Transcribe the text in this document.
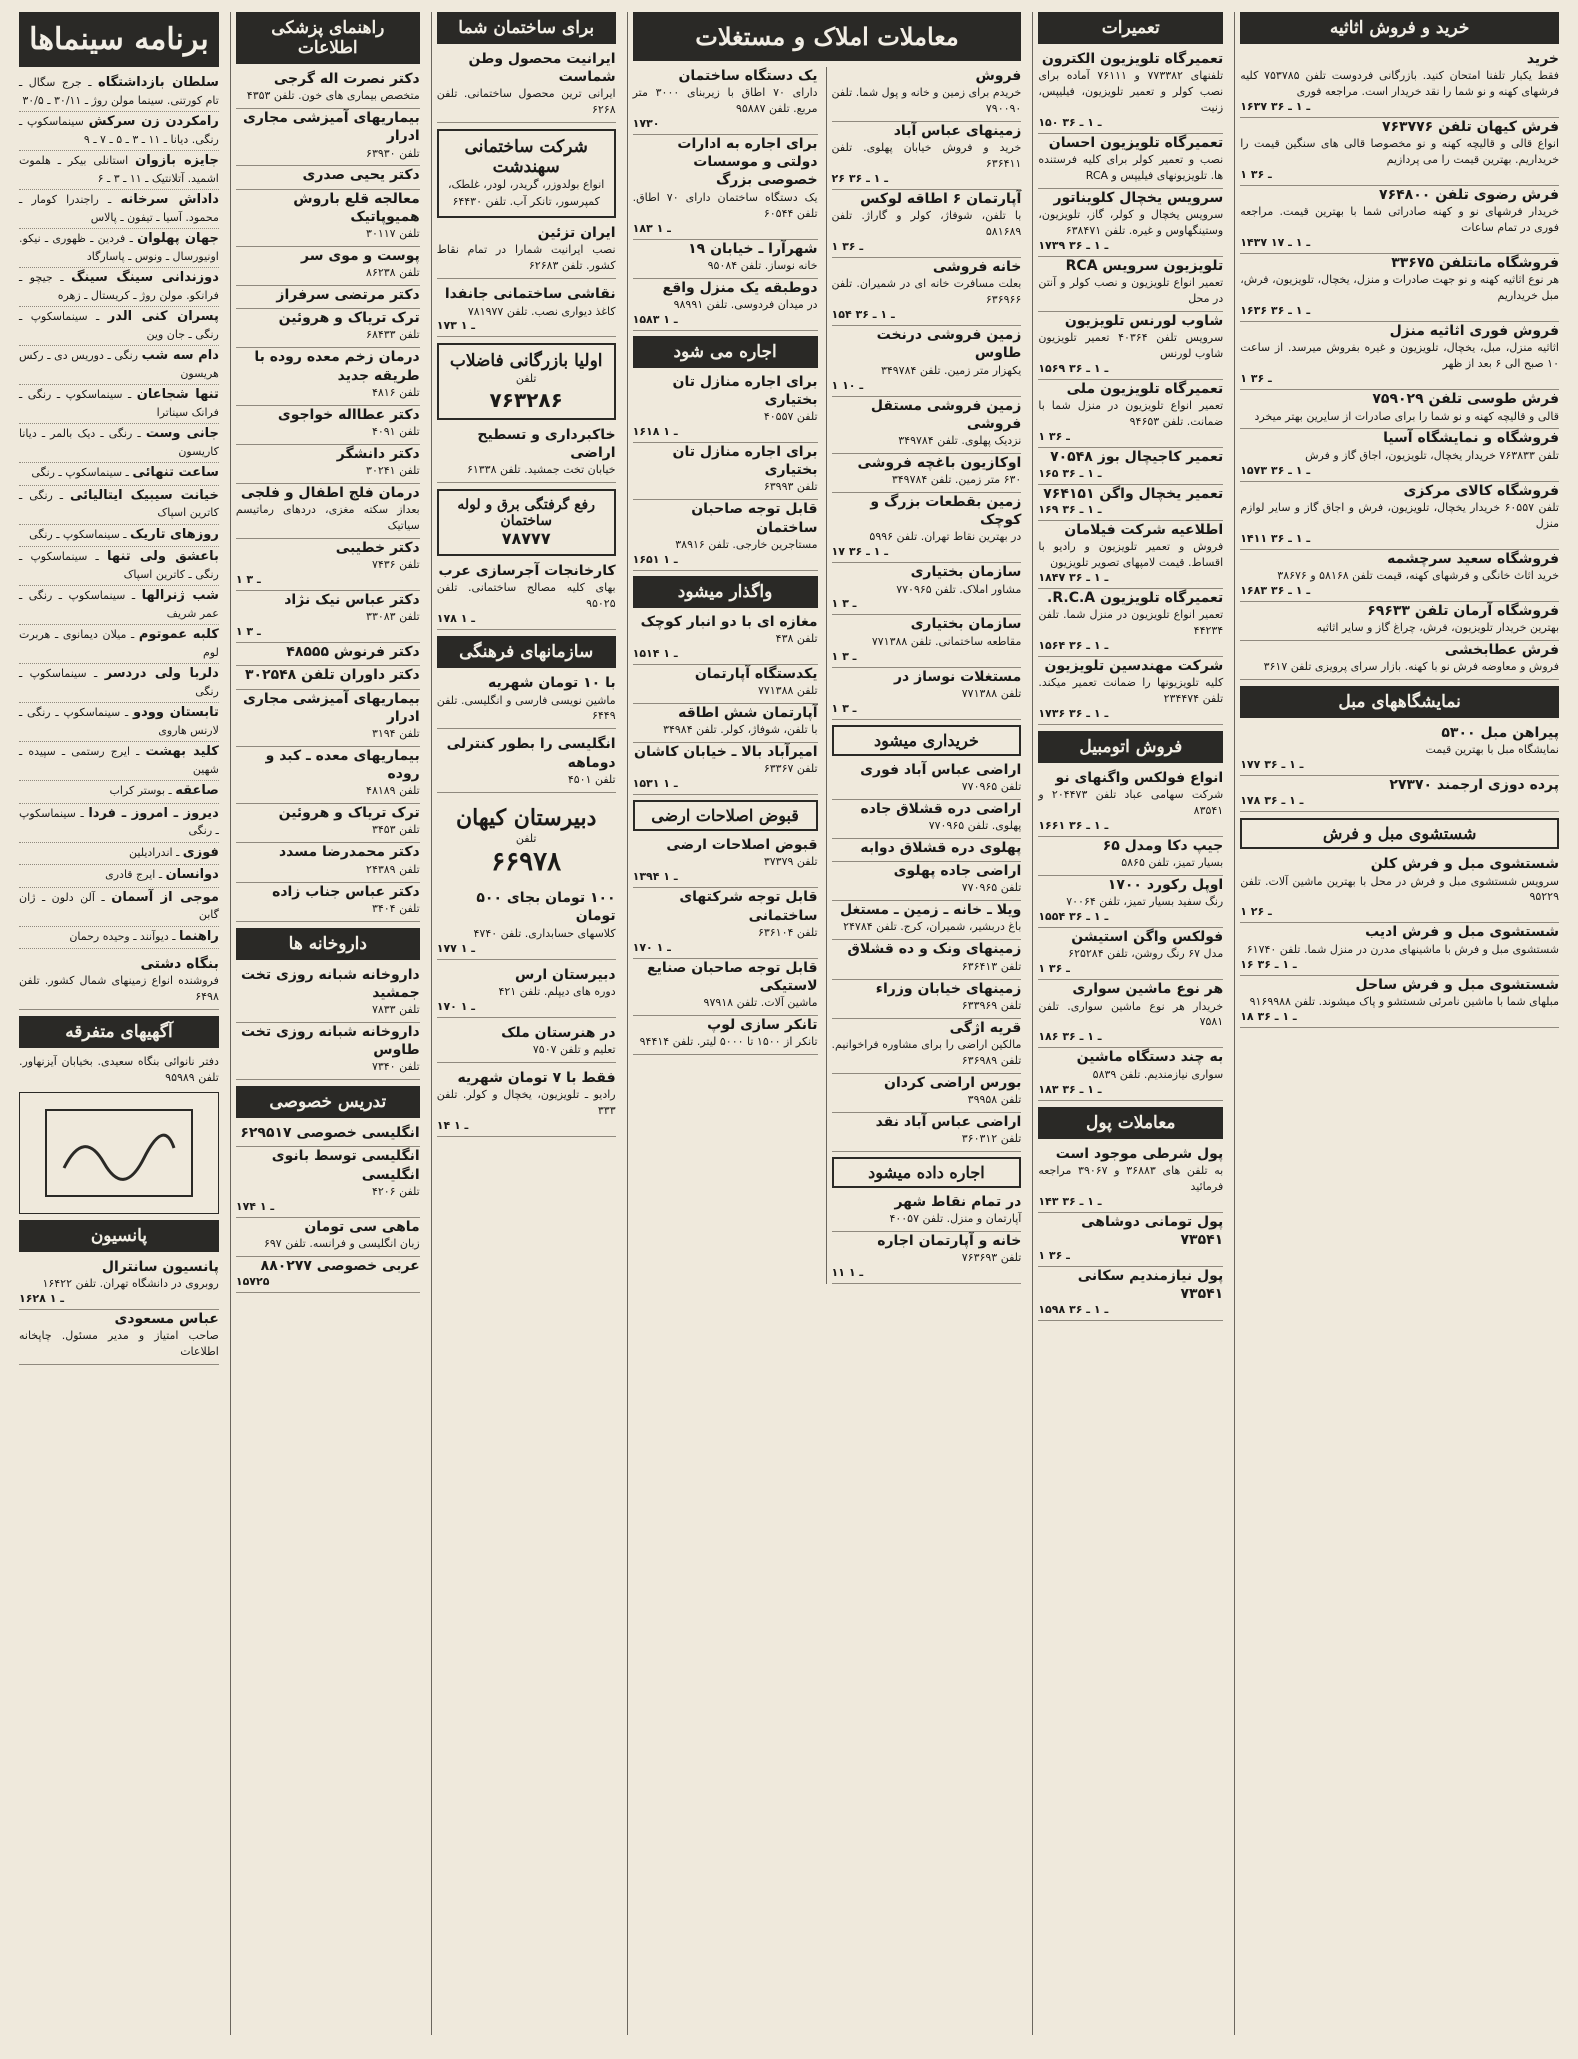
خرید و فروش اثاثیه
خرید
فقط یکبار تلفنا امتحان کنید. بازرگانی فردوست تلفن ۷۵۳۷۸۵ کلیه فرشهای کهنه و نو شما را نقد خریدار است. مراجعه فوری
۱۶۳۷ ـ ۱ ـ ۳۶
فرش کیهان تلفن ۷۶۳۷۷۶
انواع قالی و قالیچه کهنه و نو مخصوصا قالی های سنگین قیمت را خریداریم. بهترین قیمت را می پردازیم
۱ ـ ۳۶
فرش رضوی تلفن ۷۶۴۸۰۰
خریدار فرشهای نو و کهنه صادراتی شما با بهترین قیمت. مراجعه فوری در تمام ساعات
۱۴۳۷ ـ ۱ ـ ۱۷
فروشگاه مانتلفن ۳۳۶۷۵
هر نوع اثاثیه کهنه و نو جهت صادرات و منزل، یخچال، تلویزیون، فرش، مبل خریداریم
۱۶۳۶ ـ ۱ ـ ۳۶
فروش فوری اثاثیه منزل
اثاثیه منزل، مبل، یخچال، تلویزیون و غیره بفروش میرسد. از ساعت ۱۰ صبح الی ۶ بعد از ظهر
۱ ـ ۳۶
فرش طوسی تلفن ۷۵۹۰۲۹
قالی و قالیچه کهنه و نو شما را برای صادرات از سایرین بهتر میخرد
فروشگاه و نمایشگاه آسیا
تلفن ۷۶۳۸۳۳ خریدار یخچال، تلویزیون، اجاق گاز و فرش
۱۵۷۳ ـ ۱ ـ ۳۶
فروشگاه کالای مرکزی
تلفن ۶۰۵۵۷ خریدار یخچال، تلویزیون، فرش و اجاق گاز و سایر لوازم منزل
۱۴۱۱ ـ ۱ ـ ۳۶
فروشگاه سعید سرچشمه
خرید اثاث خانگی و فرشهای کهنه، قیمت تلفن ۵۸۱۶۸ و ۳۸۶۷۶
۱۶۸۳ ـ ۱ ـ ۳۶
فروشگاه آرمان تلفن ۶۹۶۳۳
بهترین خریدار تلویزیون، فرش، چراغ گاز و سایر اثاثیه
فرش عطابخشی
فروش و معاوضه فرش نو با کهنه. بازار سرای پرویزی تلفن ۳۶۱۷
نمایشگاههای مبل
پیراهن مبل ۵۳۰۰
نمایشگاه مبل با بهترین قیمت
۱۷۷ ـ ۱ ـ ۳۶
پرده دوزی ارجمند ۲۷۳۷۰
۱۷۸ ـ ۱ ـ ۳۶
شستشوی مبل و فرش
شستشوی مبل و فرش کلن
سرویس شستشوی مبل و فرش در محل با بهترین ماشین آلات. تلفن ۹۵۲۲۹
۱ ـ ۲۶
شستشوی مبل و فرش ادیب
شستشوی مبل و فرش با ماشینهای مدرن در منزل شما. تلفن ۶۱۷۴۰
۱۶ ـ ۱ ـ ۳۶
شستشوی مبل و فرش ساحل
مبلهای شما با ماشین نامرئی شستشو و پاک میشوند. تلفن ۹۱۶۹۹۸۸
۱۸ ـ ۱ ـ ۳۶
تعمیرات
تعمیرگاه تلویزیون الکترون
تلفنهای ۷۷۳۳۸۲ و ۷۶۱۱۱ آماده برای نصب کولر و تعمیر تلویزیون، فیلیپس، زنیت
۱۵۰ ـ ۱ ـ ۳۶
تعمیرگاه تلویزیون احسان
نصب و تعمیر کولر برای کلیه فرستنده ها. تلویزیونهای فیلیپس و RCA
سرویس یخچال کلویناتور
سرویس یخچال و کولر، گاز، تلویزیون، وستینگهاوس و غیره. تلفن ۶۳۸۴۷۱
۱۷۳۹ ـ ۱ ـ ۳۶
تلویزیون سرویس RCA
تعمیر انواع تلویزیون و نصب کولر و آنتن در محل
شاوب لورنس تلویزیون
سرویس تلفن ۴۰۳۶۴ تعمیر تلویزیون شاوب لورنس
۱۵۶۹ ـ ۱ ـ ۳۶
تعمیرگاه تلویزیون ملی
تعمیر انواع تلویزیون در منزل شما با ضمانت. تلفن ۹۴۶۵۳
۱ ـ ۳۶
تعمیر کاجیچال بوز ۷۰۵۴۸
۱۶۵ ـ ۱ ـ ۳۶
تعمیر یخچال واگن ۷۶۴۱۵۱
۱۶۹ ـ ۱ ـ ۳۶
اطلاعیه شرکت فیلامان
فروش و تعمیر تلویزیون و رادیو با اقساط. قیمت لامپهای تصویر تلویزیون
۱۸۴۷ ـ ۱ ـ ۳۶
تعمیرگاه تلویزیون R.C.A.
تعمیر انواع تلویزیون در منزل شما. تلفن ۴۴۲۳۴
۱۵۶۴ ـ ۱ ـ ۳۶
شرکت مهندسین تلویزیون
کلیه تلویزیونها را ضمانت تعمیر میکند. تلفن ۲۳۴۴۷۴
۱۷۳۶ ـ ۱ ـ ۳۶
فروش اتومبیل
انواع فولکس واگنهای نو
شرکت سهامی عباد تلفن ۲۰۴۴۷۳ و ۸۳۵۴۱
۱۶۶۱ ـ ۱ ـ ۳۶
جیپ دکا ومدل ۶۵
بسیار تمیز، تلفن ۵۸۶۵
اوپل رکورد ۱۷۰۰
رنگ سفید بسیار تمیز، تلفن ۷۰۰۶۴
۱۵۵۴ ـ ۱ ـ ۳۶
فولکس واگن استیشن
مدل ۶۷ رنگ روشن، تلفن ۶۲۵۲۸۴
۱ ـ ۳۶
هر نوع ماشین سواری
خریدار هر نوع ماشین سواری. تلفن ۷۵۸۱
۱۸۶ ـ ۱ ـ ۳۶
به چند دستگاه ماشین
سواری نیازمندیم. تلفن ۵۸۳۹
۱۸۳ ـ ۱ ـ ۳۶
معاملات پول
پول شرطی موجود است
به تلفن های ۳۶۸۸۳ و ۳۹۰۶۷ مراجعه فرمائید
۱۴۳ ـ ۱ ـ ۳۶
پول تومانی دوشاهی ۷۳۵۴۱
۱ ـ ۳۶
پول نیازمندیم سکانی ۷۳۵۴۱
۱۵۹۸ ـ ۱ ـ ۳۶
معاملات املاک و مستغلات
فروش
خریدم برای زمین و خانه و پول شما. تلفن ۷۹۰۰۹۰
زمینهای عباس آباد
خرید و فروش خیابان پهلوی. تلفن ۶۳۶۴۱۱
۲۶ ـ ۱ ـ ۳۶
آپارتمان ۶ اطاقه لوکس
با تلفن، شوفاژ، کولر و گاراژ. تلفن ۵۸۱۶۸۹
۱ ـ ۳۶
خانه فروشی
بعلت مسافرت خانه ای در شمیران. تلفن ۶۳۶۹۶۶
۱۵۴ ـ ۱ ـ ۳۶
زمین فروشی درنخت طاوس
یکهزار متر زمین. تلفن ۳۴۹۷۸۴
۱ ـ ۱۰
زمین فروشی مستقل فروشی
نزدیک پهلوی. تلفن ۳۴۹۷۸۴
اوکازیون باغچه فروشی
۶۳۰ متر زمین. تلفن ۳۴۹۷۸۴
زمین بقطعات بزرگ و کوچک
در بهترین نقاط تهران. تلفن ۵۹۹۶
۱۷ ـ ۱ ـ ۳۶
سازمان بختیاری
مشاور املاک. تلفن ۷۷۰۹۶۵
۱ ـ ۳
سازمان بختیاری
مقاطعه ساختمانی. تلفن ۷۷۱۳۸۸
۱ ـ ۳
مستغلات نوساز در
تلفن ۷۷۱۳۸۸
۱ ـ ۳
خریداری میشود
اراضی عباس آباد فوری
تلفن ۷۷۰۹۶۵
اراضی دره قشلاق جاده
پهلوی. تلفن ۷۷۰۹۶۵
پهلوی دره قشلاق دوابه
اراضی جاده پهلوی
تلفن ۷۷۰۹۶۵
ویلا ـ خانه ـ زمین ـ مستغل
باغ دربشیر، شمیران، کرج. تلفن ۲۴۷۸۴
زمینهای ونک و ده قشلاق
تلفن ۶۳۶۴۱۳
زمینهای خیابان وزراء
تلفن ۶۳۳۹۶۹
قریه اژگی
مالکین اراضی را برای مشاوره فراخوانیم. تلفن ۶۳۶۹۸۹
بورس اراضی کردان
تلفن ۳۹۹۵۸
اراضی عباس آباد نقد
تلفن ۳۶۰۳۱۲
اجاره داده میشود
در تمام نقاط شهر
آپارتمان و منزل. تلفن ۴۰۰۵۷
خانه و آپارتمان اجاره
تلفن ۷۶۳۶۹۳
۱۱ ـ ۱
یک دستگاه ساختمان
دارای ۷۰ اطاق با زیربنای ۳۰۰۰ متر مربع. تلفن ۹۵۸۸۷
۱۷۳۰
برای اجاره به ادارات دولتی و موسسات خصوصی بزرگ
یک دستگاه ساختمان دارای ۷۰ اطاق. تلفن ۶۰۵۴۴
۱۸۳ ـ ۱
شهرآرا ـ خیابان ۱۹
خانه نوساز. تلفن ۹۵۰۸۴
دوطبقه یک منزل واقع
در میدان فردوسی. تلفن ۹۸۹۹۱
۱۵۸۳ ـ ۱
اجاره می شود
برای اجاره منازل تان بختیاری
تلفن ۴۰۵۵۷
۱۶۱۸ ـ ۱
برای اجاره منازل تان بختیاری
تلفن ۶۳۹۹۳
قابل توجه صاحبان ساختمان
مستاجرین خارجی. تلفن ۳۸۹۱۶
۱۶۵۱ ـ ۱
واگذار میشود
مغازه ای با دو انبار کوچک
تلفن ۴۳۸
۱۵۱۴ ـ ۱
یکدستگاه آپارتمان
تلفن ۷۷۱۳۸۸
آپارتمان شش اطاقه
با تلفن، شوفاژ، کولر. تلفن ۳۴۹۸۴
امیرآباد بالا ـ خیابان کاشان
تلفن ۶۳۳۶۷
۱۵۳۱ ـ ۱
قبوض اصلاحات ارضی
قبوض اصلاحات ارضی
تلفن ۳۷۳۷۹
۱۳۹۴ ـ ۱
قابل توجه شرکتهای ساختمانی
تلفن ۶۳۶۱۰۴
۱۷۰ ـ ۱
قابل توجه صاحبان صنایع لاستیکی
ماشین آلات. تلفن ۹۷۹۱۸
تانکر سازی لوپ
تانکر از ۱۵۰۰ تا ۵۰۰۰ لیتر. تلفن ۹۴۴۱۴
برای ساختمان شما
ایرانیت محصول وطن شماست
ایرانی ترین محصول ساختمانی. تلفن ۶۲۶۸
شرکت ساختمانی سهندشت
انواع بولدوزر، گریدر، لودر، غلطک، کمپرسور، تانکر آب. تلفن ۶۴۴۳۰
ایران تزئین
نصب ایرانیت شمارا در تمام نقاط کشور. تلفن ۶۲۶۸۳
نقاشی ساختمانی جانفدا
کاغذ دیواری نصب. تلفن ۷۸۱۹۷۷
۱۷۳ ـ ۱
اولیا بازرگانی فاضلاب
تلفن
۷۶۳۲۸۶
خاکبرداری و تسطیح اراضی
خیابان تخت جمشید. تلفن ۶۱۳۳۸
رفع گرفتگی برق و لوله ساختمان
۷۸۷۷۷
کارخانجات آجرسازی عرب
بهای کلیه مصالح ساختمانی. تلفن ۹۵۰۲۵
۱۷۸ ـ ۱
سازمانهای فرهنگی
با ۱۰ تومان شهریه
ماشین نویسی فارسی و انگلیسی. تلفن ۶۴۴۹
انگلیسی را بطور کنترلی دوماهه
تلفن ۴۵۰۱
دبیرستان کیهان
تلفن
۶۶۹۷۸
۱۰۰ تومان بجای ۵۰۰ تومان
کلاسهای حسابداری. تلفن ۴۷۴۰
۱۷۷ ـ ۱
دبیرستان ارس
دوره های دیپلم. تلفن ۴۲۱
۱۷۰ ـ ۱
در هنرستان ملک
تعلیم و تلفن ۷۵۰۷
فقط با ۷ تومان شهریه
رادیو ـ تلویزیون، یخچال و کولر. تلفن ۳۳۳
۱۴ ـ ۱
راهنمای پزشکی اطلاعات
دکتر نصرت اله گرجی
متخصص بیماری های خون. تلفن ۴۳۵۳
بیماریهای آمیزشی مجاری ادرار
تلفن ۶۳۹۳۰
دکتر یحیی صدری
معالجه قلع باروش همیوپاتیک
تلفن ۳۰۱۱۷
پوست و موی سر
تلفن ۸۶۲۳۸
دکتر مرتضی سرفراز
ترک تریاک و هروئین
تلفن ۶۸۴۳۳
درمان زخم معده روده با طریقه جدید
تلفن ۴۸۱۶
دکتر عطااله خواجوی
تلفن ۴۰۹۱
دکتر دانشگر
تلفن ۳۰۲۴۱
درمان فلج اطفال و فلجی
بعداز سکته مغزی، دردهای رماتیسم سیاتیک
دکتر خطیبی
تلفن ۷۴۳۶
۱ ـ ۳
دکتر عباس نیک نژاد
تلفن ۳۳۰۸۳
۱ ـ ۳
دکتر فرنوش ۴۸۵۵۵
دکتر داوران تلفن ۳۰۲۵۴۸
بیماریهای آمیزشی مجاری ادرار
تلفن ۳۱۹۴
بیماریهای معده ـ کبد و روده
تلفن ۴۸۱۸۹
ترک تریاک و هروئین
تلفن ۳۴۵۳
دکتر محمدرضا مسدد
تلفن ۲۴۳۸۹
دکتر عباس جناب زاده
تلفن ۳۴۰۴
داروخانه ها
داروخانه شبانه روزی تخت جمشید
تلفن ۷۸۳۳
داروخانه شبانه روزی تخت طاوس
تلفن ۷۳۴۰
تدریس خصوصی
انگلیسی خصوصی ۶۲۹۵۱۷
انگلیسی توسط بانوی انگلیسی
تلفن ۴۲۰۶
۱۷۴ ـ ۱
ماهی سی تومان
زبان انگلیسی و فرانسه. تلفن ۶۹۷
عربی خصوصی ۸۸۰۲۷۷
۱۵۷۲۵
برنامه سینماها
سلطان بازداشتگاه ـ جرج سگال ـ تام کورتنی. سینما مولن روژ ـ ۳۰/۱۱ ـ ۳۰/۵
رامکردن زن سرکش سینماسکوپ ـ رنگی. دیانا ـ ۱۱ ـ ۳ ـ ۵ ـ ۷ ـ ۹
جایزه بازوان استانلی بیکر ـ هلموت اشمید. آتلانتیک ـ ۱۱ ـ ۳ ـ ۶
داداش سرخانه ـ راجندرا کومار ـ محمود. آسیا ـ تیفون ـ پالاس
جهان پهلوان ـ فردین ـ ظهوری ـ نیکو. اونیورسال ـ ونوس ـ پاسارگاد
دوزندانی سینگ سینگ ـ جیچو ـ فرانکو. مولن روژ ـ کریستال ـ زهره
پسران کنی الدر ـ سینماسکوپ ـ رنگی ـ جان وین
دام سه شب رنگی ـ دوریس دی ـ رکس هریسون
تنها شجاعان ـ سینماسکوپ ـ رنگی ـ فرانک سیناترا
جانی وست ـ رنگی ـ دیک بالمر ـ دیانا کاریسون
ساعت تنهائی ـ سینماسکوپ ـ رنگی
خیانت سیبیک ایتالیائی ـ رنگی ـ کاترین اسپاک
روزهای تاریک ـ سینماسکوپ ـ رنگی
باعشق ولی تنها ـ سینماسکوپ ـ رنگی ـ کاترین اسپاک
شب ژنرالها ـ سینماسکوپ ـ رنگی ـ عمر شریف
کلبه عموتوم ـ میلان دیمانوی ـ هربرت لوم
دلربا ولی دردسر ـ سینماسکوپ ـ رنگی
تابستان وودو ـ سینماسکوپ ـ رنگی ـ لارنس هاروی
کلید بهشت ـ ایرج رستمی ـ سپیده ـ شهین
صاعقه ـ بوستر کراب
دیروز ـ امروز ـ فردا ـ سینماسکوپ ـ رنگی
فوزی ـ اندرادیلین
دوانسان ـ ایرج قادری
موجی از آسمان ـ آلن دلون ـ ژان گابن
راهنما ـ دیوآنند ـ وحیده رحمان
بنگاه دشتی
فروشنده انواع زمینهای شمال کشور. تلفن ۶۴۹۸
آگهیهای متفرقه
دفتر نانوائی بنگاه سعیدی. بخیابان آیزنهاور. تلفن ۹۵۹۸۹
پانسیون
پانسیون سانترال
روبروی در دانشگاه تهران. تلفن ۱۶۴۲۲
۱۶۲۸ ـ ۱
عباس مسعودی
صاحب امتیاز و مدیر مسئول. چاپخانه اطلاعات
